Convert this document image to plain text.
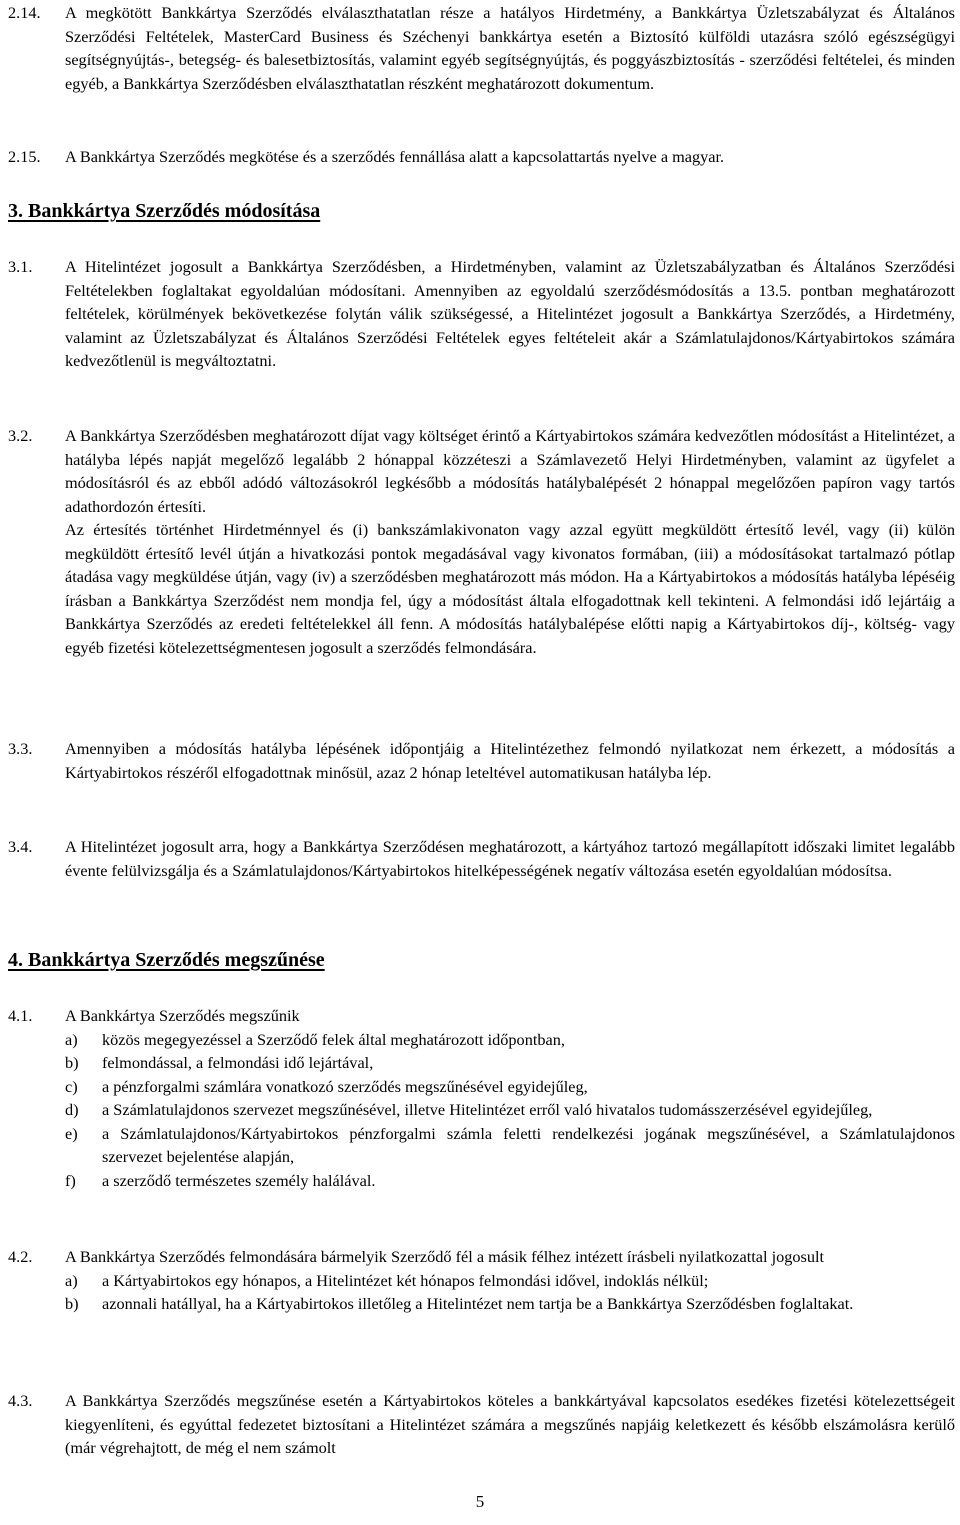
2.14. A megkötött Bankkártya Szerződés elválaszthatatlan része a hatályos Hirdetmény, a Bankkártya Üzletszabályzat és Általános Szerződési Feltételek, MasterCard Business és Széchenyi bankkártya esetén a Biztosító külföldi utazásra szóló egészségügyi segítségnyújtás-, betegség- és balesetbiztosítás, valamint egyéb segítségnyújtás, és poggyászbiztosítás - szerződési feltételei, és minden egyéb, a Bankkártya Szerződésben elválaszthatatlan részként meghatározott dokumentum.
2.15. A Bankkártya Szerződés megkötése és a szerződés fennállása alatt a kapcsolattartás nyelve a magyar.
3. Bankkártya Szerződés módosítása
3.1. A Hitelintézet jogosult a Bankkártya Szerződésben, a Hirdetményben, valamint az Üzletszabályzatban és Általános Szerződési Feltételekben foglaltakat egyoldalúan módosítani. Amennyiben az egyoldalú szerződésmódosítás a 13.5. pontban meghatározott feltételek, körülmények bekövetkezése folytán válik szükségessé, a Hitelintézet jogosult a Bankkártya Szerződés, a Hirdetmény, valamint az Üzletszabályzat és Általános Szerződési Feltételek egyes feltételeit akár a Számlatulajdonos/Kártyabirtokos számára kedvezőtlenül is megváltoztatni.
3.2. A Bankkártya Szerződésben meghatározott díjat vagy költséget érintő a Kártyabirtokos számára kedvezőtlen módosítást a Hitelintézet, a hatályba lépés napját megelőző legalább 2 hónappal közzéteszi a Számlavezető Helyi Hirdetményben, valamint az ügyfelet a módosításról és az ebből adódó változásokról legkésőbb a módosítás hatálybalépését 2 hónappal megelőzően papíron vagy tartós adathordozón értesíti.
Az értesítés történhet Hirdetménnyel és (i) bankszámlakivonaton vagy azzal együtt megküldött értesítő levél, vagy (ii) külön megküldött értesítő levél útján a hivatkozási pontok megadásával vagy kivonatos formában, (iii) a módosításokat tartalmazó pótlap átadása vagy megküldése útján, vagy (iv) a szerződésben meghatározott más módon. Ha a Kártyabirtokos a módosítás hatályba lépéséig írásban a Bankkártya Szerződést nem mondja fel, úgy a módosítást általa elfogadottnak kell tekinteni. A felmondási idő lejártáig a Bankkártya Szerződés az eredeti feltételekkel áll fenn. A módosítás hatálybalépése előtti napig a Kártyabirtokos díj-, költség- vagy egyéb fizetési kötelezettségmentesen jogosult a szerződés felmondására.
3.3. Amennyiben a módosítás hatályba lépésének időpontjáig a Hitelintézethez felmondó nyilatkozat nem érkezett, a módosítás a Kártyabirtokos részéről elfogadottnak minősül, azaz 2 hónap leteltével automatikusan hatályba lép.
3.4. A Hitelintézet jogosult arra, hogy a Bankkártya Szerződésen meghatározott, a kártyához tartozó megállapított időszaki limitet legalább évente felülvizsgálja és a Számlatulajdonos/Kártyabirtokos hitelképességének negatív változása esetén egyoldalúan módosítsa.
4. Bankkártya Szerződés megszűnése
4.1. A Bankkártya Szerződés megszűnik
a) közös megegyezéssel a Szerződő felek által meghatározott időpontban,
b) felmondással, a felmondási idő lejártával,
c) a pénzforgalmi számlára vonatkozó szerződés megszűnésével egyidejűleg,
d) a Számlatulajdonos szervezet megszűnésével, illetve Hitelintézet erről való hivatalos tudomásszerzésével egyidejűleg,
e) a Számlatulajdonos/Kártyabirtokos pénzforgalmi számla feletti rendelkezési jogának megszűnésével, a Számlatulajdonos szervezet bejelentése alapján,
f) a szerződő természetes személy halálával.
4.2. A Bankkártya Szerződés felmondására bármelyik Szerződő fél a másik félhez intézett írásbeli nyilatkozattal jogosult
a) a Kártyabirtokos egy hónapos, a Hitelintézet két hónapos felmondási idővel, indoklás nélkül;
b) azonnali hatállyal, ha a Kártyabirtokos illetőleg a Hitelintézet nem tartja be a Bankkártya Szerződésben foglaltakat.
4.3. A Bankkártya Szerződés megszűnése esetén a Kártyabirtokos köteles a bankkártyával kapcsolatos esedékes fizetési kötelezettségeit kiegyenlíteni, és egyúttal fedezetet biztosítani a Hitelintézet számára a megszűnés napjáig keletkezett és később elszámolásra kerülő (már végrehajtott, de még el nem számolt
5
